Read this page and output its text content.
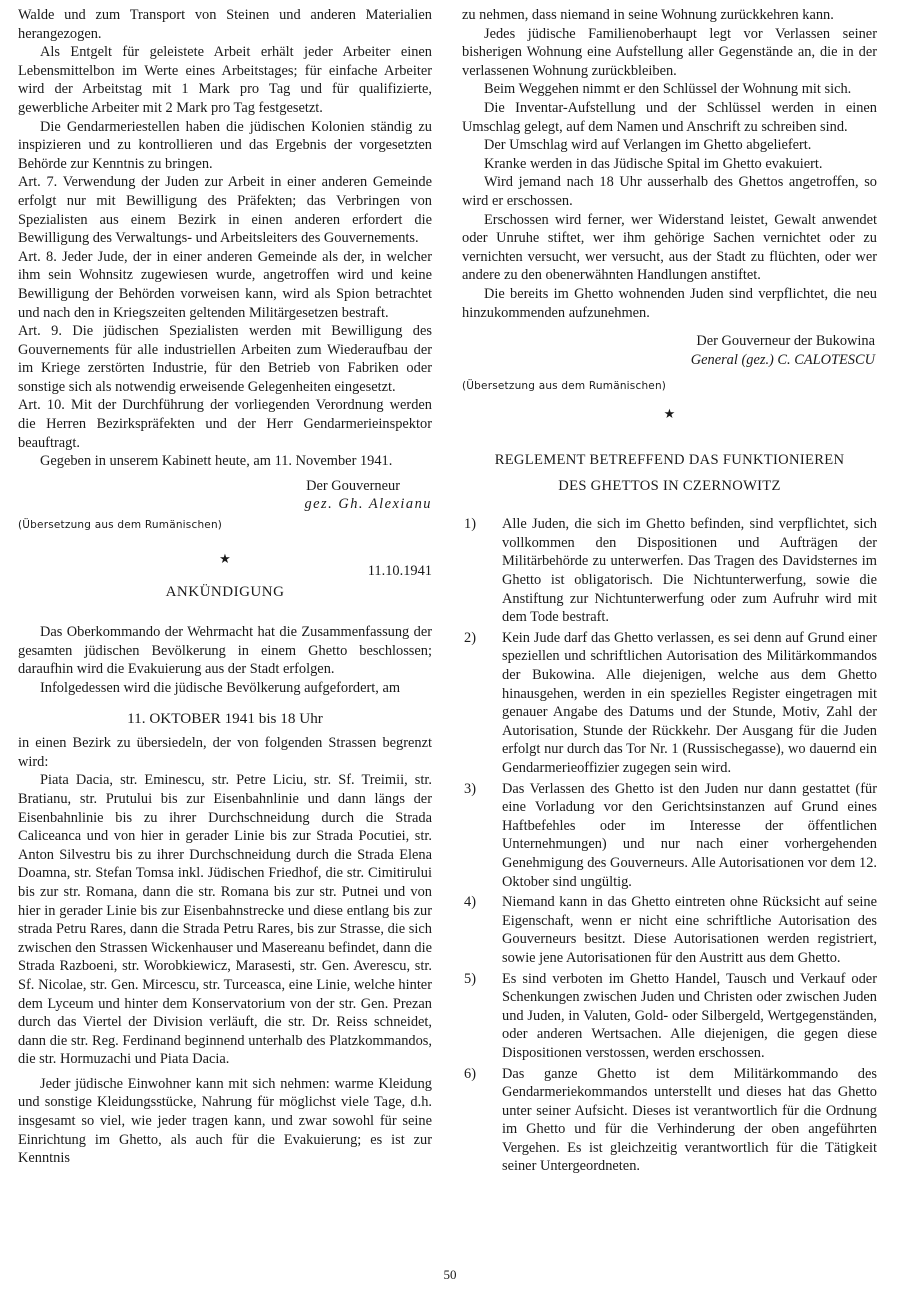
Walde und zum Transport von Steinen und anderen Materialien herangezogen.

Als Entgelt für geleistete Arbeit erhält jeder Arbeiter einen Lebensmittelbon im Werte eines Arbeitstages; für einfache Arbeiter wird der Arbeitstag mit 1 Mark pro Tag und für qualifizierte, gewerbliche Arbeiter mit 2 Mark pro Tag festgesetzt.

Die Gendarmeriestellen haben die jüdischen Kolonien ständig zu inspizieren und zu kontrollieren und das Ergebnis der vorgesetzten Behörde zur Kenntnis zu bringen.

Art. 7. Verwendung der Juden zur Arbeit in einer anderen Gemeinde erfolgt nur mit Bewilligung des Präfekten; das Verbringen von Spezialisten aus einem Bezirk in einen anderen erfordert die Bewilligung des Verwaltungs- und Arbeitsleiters des Gouvernements.

Art. 8. Jeder Jude, der in einer anderen Gemeinde als der, in welcher ihm sein Wohnsitz zugewiesen wurde, angetroffen wird und keine Bewilligung der Behörden vorweisen kann, wird als Spion betrachtet und nach den in Kriegszeiten geltenden Militärgesetzen bestraft.

Art. 9. Die jüdischen Spezialisten werden mit Bewilligung des Gouvernements für alle industriellen Arbeiten zum Wiederaufbau der im Kriege zerstörten Industrie, für den Betrieb von Fabriken oder sonstige sich als notwendig erweisende Gelegenheiten eingesetzt.

Art. 10. Mit der Durchführung der vorliegenden Verordnung werden die Herren Bezirkspräfekten und der Herr Gendarmerieinspektor beauftragt.

Gegeben in unserem Kabinett heute, am 11. November 1941.

Der Gouverneur

gez. Gh. Alexianu

(Übersetzung aus dem Rumänischen)

★

11.10.1941

ANKÜNDIGUNG

Das Oberkommando der Wehrmacht hat die Zusammenfassung der gesamten jüdischen Bevölkerung in einem Ghetto beschlossen; daraufhin wird die Evakuierung aus der Stadt erfolgen.

Infolgedessen wird die jüdische Bevölkerung aufgefordert, am

11. OKTOBER 1941 bis 18 Uhr

in einen Bezirk zu übersiedeln, der von folgenden Strassen begrenzt wird:

Piata Dacia, str. Eminescu, str. Petre Liciu, str. Sf. Treimii, str. Bratianu, str. Prutului bis zur Eisenbahnlinie und dann längs der Eisenbahnlinie bis zu ihrer Durchschneidung durch die Strada Caliceanca und von hier in gerader Linie bis zur Strada Pocutiei, str. Anton Silvestru bis zu ihrer Durchschneidung durch die Strada Elena Doamna, str. Stefan Tomsa inkl. Jüdischen Friedhof, die str. Cimitirului bis zur str. Romana, dann die str. Romana bis zur str. Putnei und von hier in gerader Linie bis zur Eisenbahnstrecke und diese entlang bis zur strada Petru Rares, dann die Strada Petru Rares, bis zur Strasse, die sich zwischen den Strassen Wickenhauser und Masereanu befindet, dann die Strada Razboeni, str. Worobkiewicz, Marasesti, str. Gen. Averescu, str. Sf. Nicolae, str. Gen. Mircescu, str. Turceasca, eine Linie, welche hinter dem Lyceum und hinter dem Konservatorium von der str. Gen. Prezan durch das Viertel der Division verläuft, die str. Dr. Reiss schneidet, dann die str. Reg. Ferdinand beginnend unterhalb des Platzkommandos, die str. Hormuzachi und Piata Dacia.

Jeder jüdische Einwohner kann mit sich nehmen: warme Kleidung und sonstige Kleidungsstücke, Nahrung für möglichst viele Tage, d.h. insgesamt so viel, wie jeder tragen kann, und zwar sowohl für seine Einrichtung im Ghetto, als auch für die Evakuierung; es ist zur Kenntnis

zu nehmen, dass niemand in seine Wohnung zurückkehren kann.

Jedes jüdische Familienoberhaupt legt vor Verlassen seiner bisherigen Wohnung eine Aufstellung aller Gegenstände an, die in der verlassenen Wohnung zurückbleiben.

Beim Weggehen nimmt er den Schlüssel der Wohnung mit sich.

Die Inventar-Aufstellung und der Schlüssel werden in einen Umschlag gelegt, auf dem Namen und Anschrift zu schreiben sind.

Der Umschlag wird auf Verlangen im Ghetto abgeliefert.

Kranke werden in das Jüdische Spital im Ghetto evakuiert.

Wird jemand nach 18 Uhr ausserhalb des Ghettos angetroffen, so wird er erschossen.

Erschossen wird ferner, wer Widerstand leistet, Gewalt anwendet oder Unruhe stiftet, wer ihm gehörige Sachen vernichtet oder zu vernichten versucht, wer versucht, aus der Stadt zu flüchten, oder wer andere zu den obenerwähnten Handlungen anstiftet.

Die bereits im Ghetto wohnenden Juden sind verpflichtet, die neu hinzukommenden aufzunehmen.

Der Gouverneur der Bukowina

General (gez.) C. CALOTESCU

(Übersetzung aus dem Rumänischen)

★

REGLEMENT BETREFFEND DAS FUNKTIONIEREN

DES GHETTOS IN CZERNOWITZ

1)	Alle Juden, die sich im Ghetto befinden, sind verpflichtet, sich vollkommen den Dispositionen und Aufträgen der Militärbehörde zu unterwerfen. Das Tragen des Davidsternes im Ghetto ist obligatorisch. Die Nichtunterwerfung, sowie die Anstiftung zur Nichtunterwerfung oder zum Aufruhr wird mit dem Tode bestraft.
2)	Kein Jude darf das Ghetto verlassen, es sei denn auf Grund einer speziellen und schriftlichen Autorisation des Militärkommandos der Bukowina. Alle diejenigen, welche aus dem Ghetto hinausgehen, werden in ein spezielles Register eingetragen mit genauer Angabe des Datums und der Stunde, Motiv, Zahl der Autorisation, Stunde der Rückkehr. Der Ausgang für die Juden erfolgt nur durch das Tor Nr. 1 (Russischegasse), wo dauernd ein Gendarmerieoffizier zugegen sein wird.
3)	Das Verlassen des Ghetto ist den Juden nur dann gestattet (für eine Vorladung vor den Gerichtsinstanzen auf Grund eines Haftbefehles oder im Interesse der öffentlichen Unternehmungen) und nur nach einer vorhergehenden Genehmigung des Gouverneurs. Alle Autorisationen vor dem 12. Oktober sind ungültig.
4)	Niemand kann in das Ghetto eintreten ohne Rücksicht auf seine Eigenschaft, wenn er nicht eine schriftliche Autorisation des Gouverneurs besitzt. Diese Autorisationen werden registriert, sowie jene Autorisationen für den Austritt aus dem Ghetto.
5)	Es sind verboten im Ghetto Handel, Tausch und Verkauf oder Schenkungen zwischen Juden und Christen oder zwischen Juden und Juden, in Valuten, Gold- oder Silbergeld, Wertgegenständen, oder anderen Wertsachen. Alle diejenigen, die gegen diese Dispositionen verstossen, werden erschossen.
6)	Das ganze Ghetto ist dem Militärkommando des Gendarmeriekommandos unterstellt und dieses hat das Ghetto unter seiner Aufsicht. Dieses ist verantwortlich für die Ordnung im Ghetto und für die Verhinderung der oben angeführten Vergehen. Es ist gleichzeitig verantwortlich für die Tätigkeit seiner Untergeordneten.
50
